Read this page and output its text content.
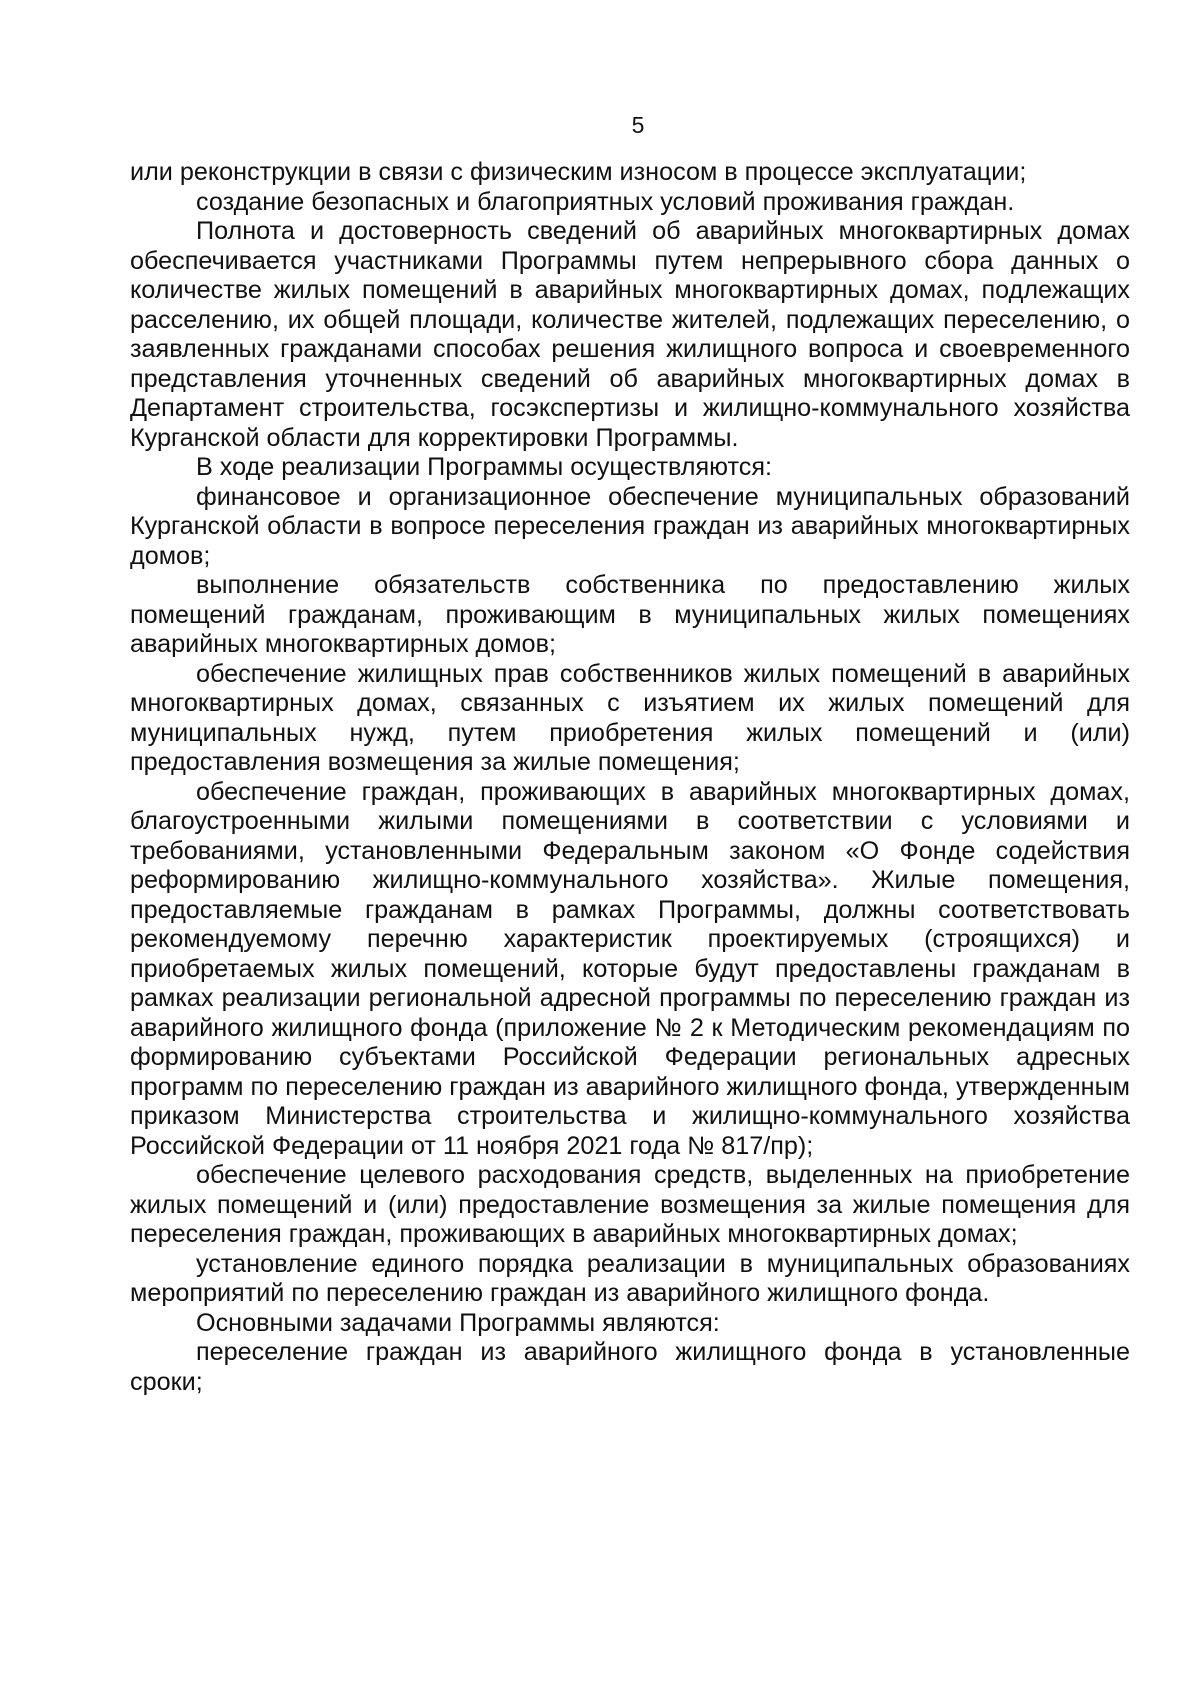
5

или реконструкции в связи с физическим износом в процессе эксплуатации;

создание безопасных и благоприятных условий проживания граждан.

Полнота и достоверность сведений об аварийных многоквартирных домах обеспечивается участниками Программы путем непрерывного сбора данных о количестве жилых помещений в аварийных многоквартирных домах, подлежащих расселению, их общей площади, количестве жителей, подлежащих переселению, о заявленных гражданами способах решения жилищного вопроса и своевременного представления уточненных сведений об аварийных многоквартирных домах в Департамент строительства, госэкспертизы и жилищно-коммунального хозяйства Курганской области для корректировки Программы.

В ходе реализации Программы осуществляются:

финансовое и организационное обеспечение муниципальных образований Курганской области в вопросе переселения граждан из аварийных многоквартирных домов;

выполнение обязательств собственника по предоставлению жилых помещений гражданам, проживающим в муниципальных жилых помещениях аварийных многоквартирных домов;

обеспечение жилищных прав собственников жилых помещений в аварийных многоквартирных домах, связанных с изъятием их жилых помещений для муниципальных нужд, путем приобретения жилых помещений и (или) предоставления возмещения за жилые помещения;

обеспечение граждан, проживающих в аварийных многоквартирных домах, благоустроенными жилыми помещениями в соответствии с условиями и требованиями, установленными Федеральным законом «О Фонде содействия реформированию жилищно-коммунального хозяйства». Жилые помещения, предоставляемые гражданам в рамках Программы, должны соответствовать рекомендуемому перечню характеристик проектируемых (строящихся) и приобретаемых жилых помещений, которые будут предоставлены гражданам в рамках реализации региональной адресной программы по переселению граждан из аварийного жилищного фонда (приложение № 2 к Методическим рекомендациям по формированию субъектами Российской Федерации региональных адресных программ по переселению граждан из аварийного жилищного фонда, утвержденным приказом Министерства строительства и жилищно-коммунального хозяйства Российской Федерации от 11 ноября 2021 года № 817/пр);

обеспечение целевого расходования средств, выделенных на приобретение жилых помещений и (или) предоставление возмещения за жилые помещения для переселения граждан, проживающих в аварийных многоквартирных домах;

установление единого порядка реализации в муниципальных образованиях мероприятий по переселению граждан из аварийного жилищного фонда.

Основными задачами Программы являются:

переселение граждан из аварийного жилищного фонда в установленные сроки;
